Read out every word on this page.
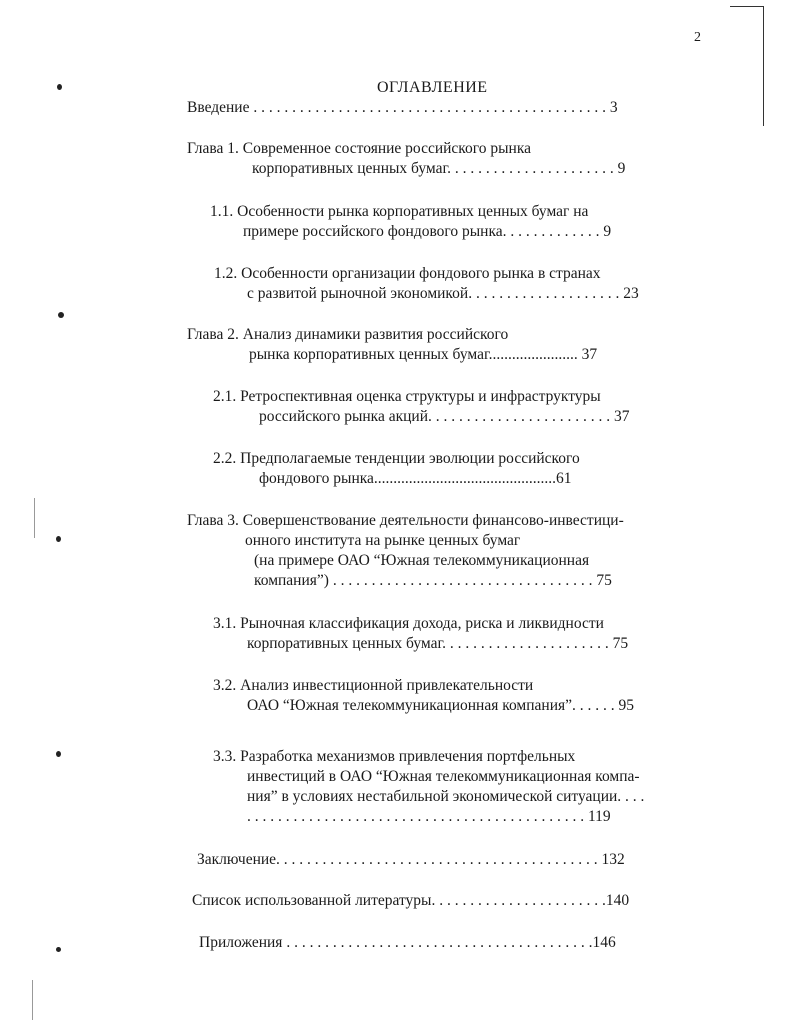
2
ОГЛАВЛЕНИЕ
Введение . . . . . . . . . . . . . . . . . . . . . . . . . . . . . . . . . . . . . . . . . . . . . . 3
Глава 1. Современное состояние российского рынка
корпоративных ценных бумаг. . . . . . . . . . . . . . . . . . . . . . 9
1.1. Особенности рынка корпоративных ценных бумаг на
примере российского фондового рынка. . . . . . . . . . . . . 9
1.2. Особенности организации фондового рынка в странах
с развитой рыночной экономикой. . . . . . . . . . . . . . . . . . . . 23
Глава 2. Анализ динамики развития российского
рынка корпоративных ценных бумаг....................... 37
2.1. Ретроспективная оценка структуры и инфраструктуры
российского рынка акций. . . . . . . . . . . . . . . . . . . . . . . . 37
2.2. Предполагаемые тенденции эволюции российского
фондового рынка...............................................61
Глава 3. Совершенствование деятельности финансово-инвестици-
онного института на рынке ценных бумаг
(на примере ОАО “Южная телекоммуникационная
компания”) . . . . . . . . . . . . . . . . . . . . . . . . . . . . . . . . . . 75
3.1. Рыночная классификация дохода, риска и ликвидности
корпоративных ценных бумаг. . . . . . . . . . . . . . . . . . . . . . 75
3.2. Анализ инвестиционной привлекательности
ОАО “Южная телекоммуникационная компания”. . . . . . 95
3.3. Разработка механизмов привлечения портфельных
инвестиций в ОАО “Южная телекоммуникационная компа-
ния” в условиях нестабильной экономической ситуации. . . .
. . . . . . . . . . . . . . . . . . . . . . . . . . . . . . . . . . . . . . . . . . . . 119
Заключение. . . . . . . . . . . . . . . . . . . . . . . . . . . . . . . . . . . . . . . . . . 132
Список использованной литературы. . . . . . . . . . . . . . . . . . . . . . .140
Приложения . . . . . . . . . . . . . . . . . . . . . . . . . . . . . . . . . . . . . . . .146
